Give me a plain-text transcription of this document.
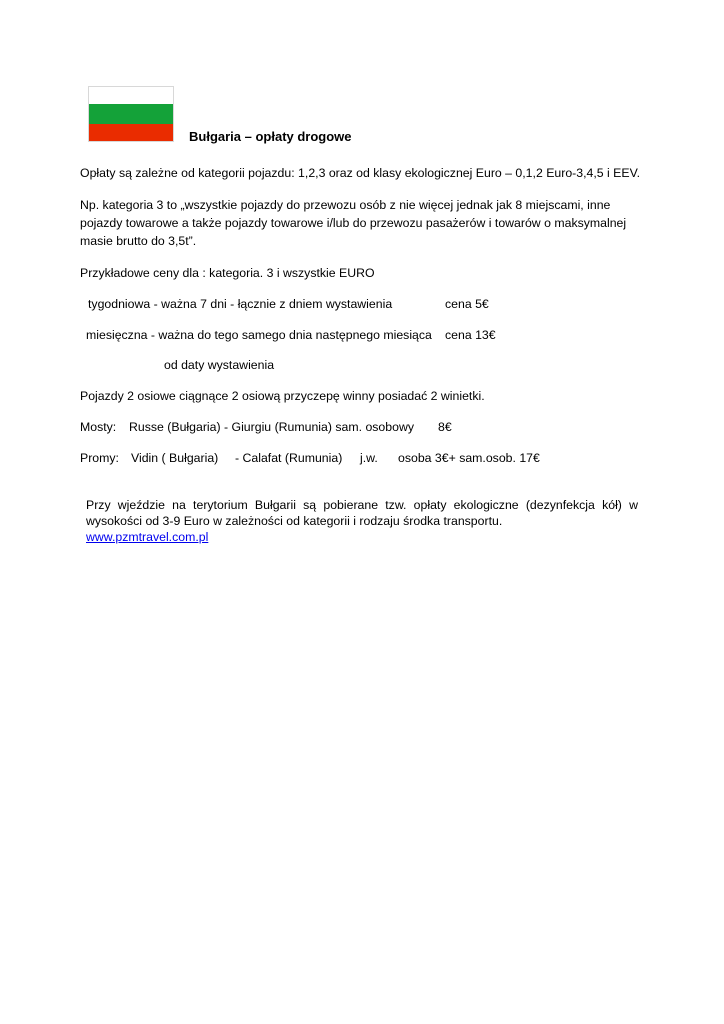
Bułgaria – opłaty drogowe
Opłaty są zależne od kategorii pojazdu: 1,2,3 oraz od klasy ekologicznej Euro – 0,1,2 Euro-3,4,5 i EEV.
Np. kategoria 3 to „wszystkie pojazdy do przewozu osób z nie więcej jednak jak 8 miejscami, inne pojazdy towarowe a także pojazdy towarowe i/lub do przewozu pasażerów i towarów o maksymalnej masie brutto do 3,5t”.
Przykładowe ceny dla : kategoria. 3 i wszystkie EURO
tygodniowa - ważna 7 dni - łącznie z dniem wystawienia	cena 5€
miesięczna - ważna do tego samego dnia następnego miesiąca cena 13€
od daty wystawienia
Pojazdy 2 osiowe ciągnące 2 osiową przyczepę winny posiadać 2 winietki.
Mosty: Russe (Bułgaria) - Giurgiu (Rumunia) sam. osobowy 8€
Promy: Vidin ( Bułgaria) - Calafat (Rumunia) j.w. osoba 3€+ sam.osob. 17€
Przy wjeździe na terytorium Bułgarii są pobierane tzw. opłaty ekologiczne (dezynfekcja kół) w wysokości od 3-9 Euro w zależności od kategorii i rodzaju środka transportu.
www.pzmtravel.com.pl
